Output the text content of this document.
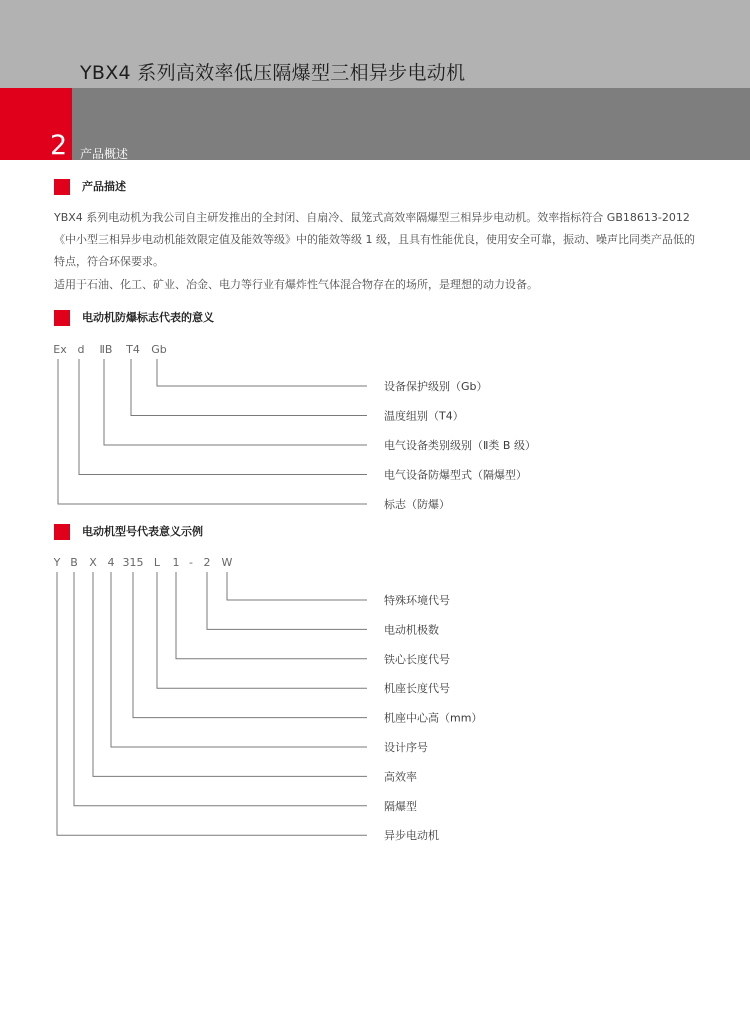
YBX4 系列高效率低压隔爆型三相异步电动机
2 产品概述
产品描述

YBX4 系列电动机为我公司自主研发推出的全封闭、自扇冷、鼠笼式高效率隔爆型三相异步电动机。效率指标符合 GB18613-2012《中小型三相异步电动机能效限定值及能效等级》中的能效等级 1 级，且具有性能优良，使用安全可靠，振动、噪声比同类产品低的特点，符合环保要求。

适用于石油、化工、矿业、冶金、电力等行业有爆炸性气体混合物存在的场所，是理想的动力设备。

电动机防爆标志代表的意义
电动机型号代表意义示例
Ex
标志（防爆）
d
电气设备防爆型式（隔爆型）
ⅡB
电气设备类别级别（Ⅱ类 B 级）
T4
温度组别（T4）
Gb
设备保护级别（Gb）
Y
异步电动机
B
隔爆型
X
高效率
4
设计序号
315
机座中心高（mm）
L
机座长度代号
1
铁心长度代号
2
电动机极数
W
特殊环境代号
-
